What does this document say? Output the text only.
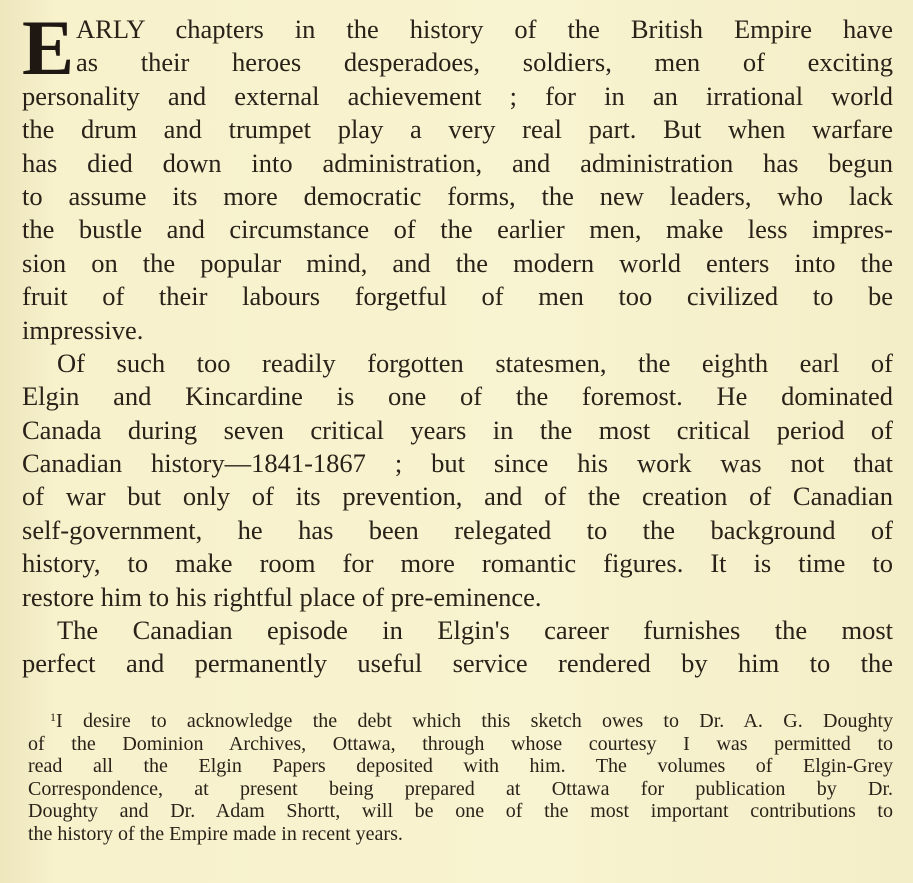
E ARLY chapters in the history of the British Empire have
as their heroes desperadoes, soldiers, men of exciting
personality and external achievement ; for in an irrational world
the drum and trumpet play a very real part. But when warfare
has died down into administration, and administration has begun
to assume its more democratic forms, the new leaders, who lack
the bustle and circumstance of the earlier men, make less impres-
sion on the popular mind, and the modern world enters into the
fruit of their labours forgetful of men too civilized to be
impressive.
Of such too readily forgotten statesmen, the eighth earl of
Elgin and Kincardine is one of the foremost. He dominated
Canada during seven critical years in the most critical period of
Canadian history—1841-1867 ; but since his work was not that
of war but only of its prevention, and of the creation of Canadian
self-government, he has been relegated to the background of
history, to make room for more romantic figures. It is time to
restore him to his rightful place of pre-eminence.
The Canadian episode in Elgin's career furnishes the most
perfect and permanently useful service rendered by him to the
$^1$I desire to acknowledge the debt which this sketch owes to Dr. A. G. Doughty
of the Dominion Archives, Ottawa, through whose courtesy I was permitted to
read all the Elgin Papers deposited with him. The volumes of Elgin-Grey
Correspondence, at present being prepared at Ottawa for publication by Dr.
Doughty and Dr. Adam Shortt, will be one of the most important contributions to
the history of the Empire made in recent years.
